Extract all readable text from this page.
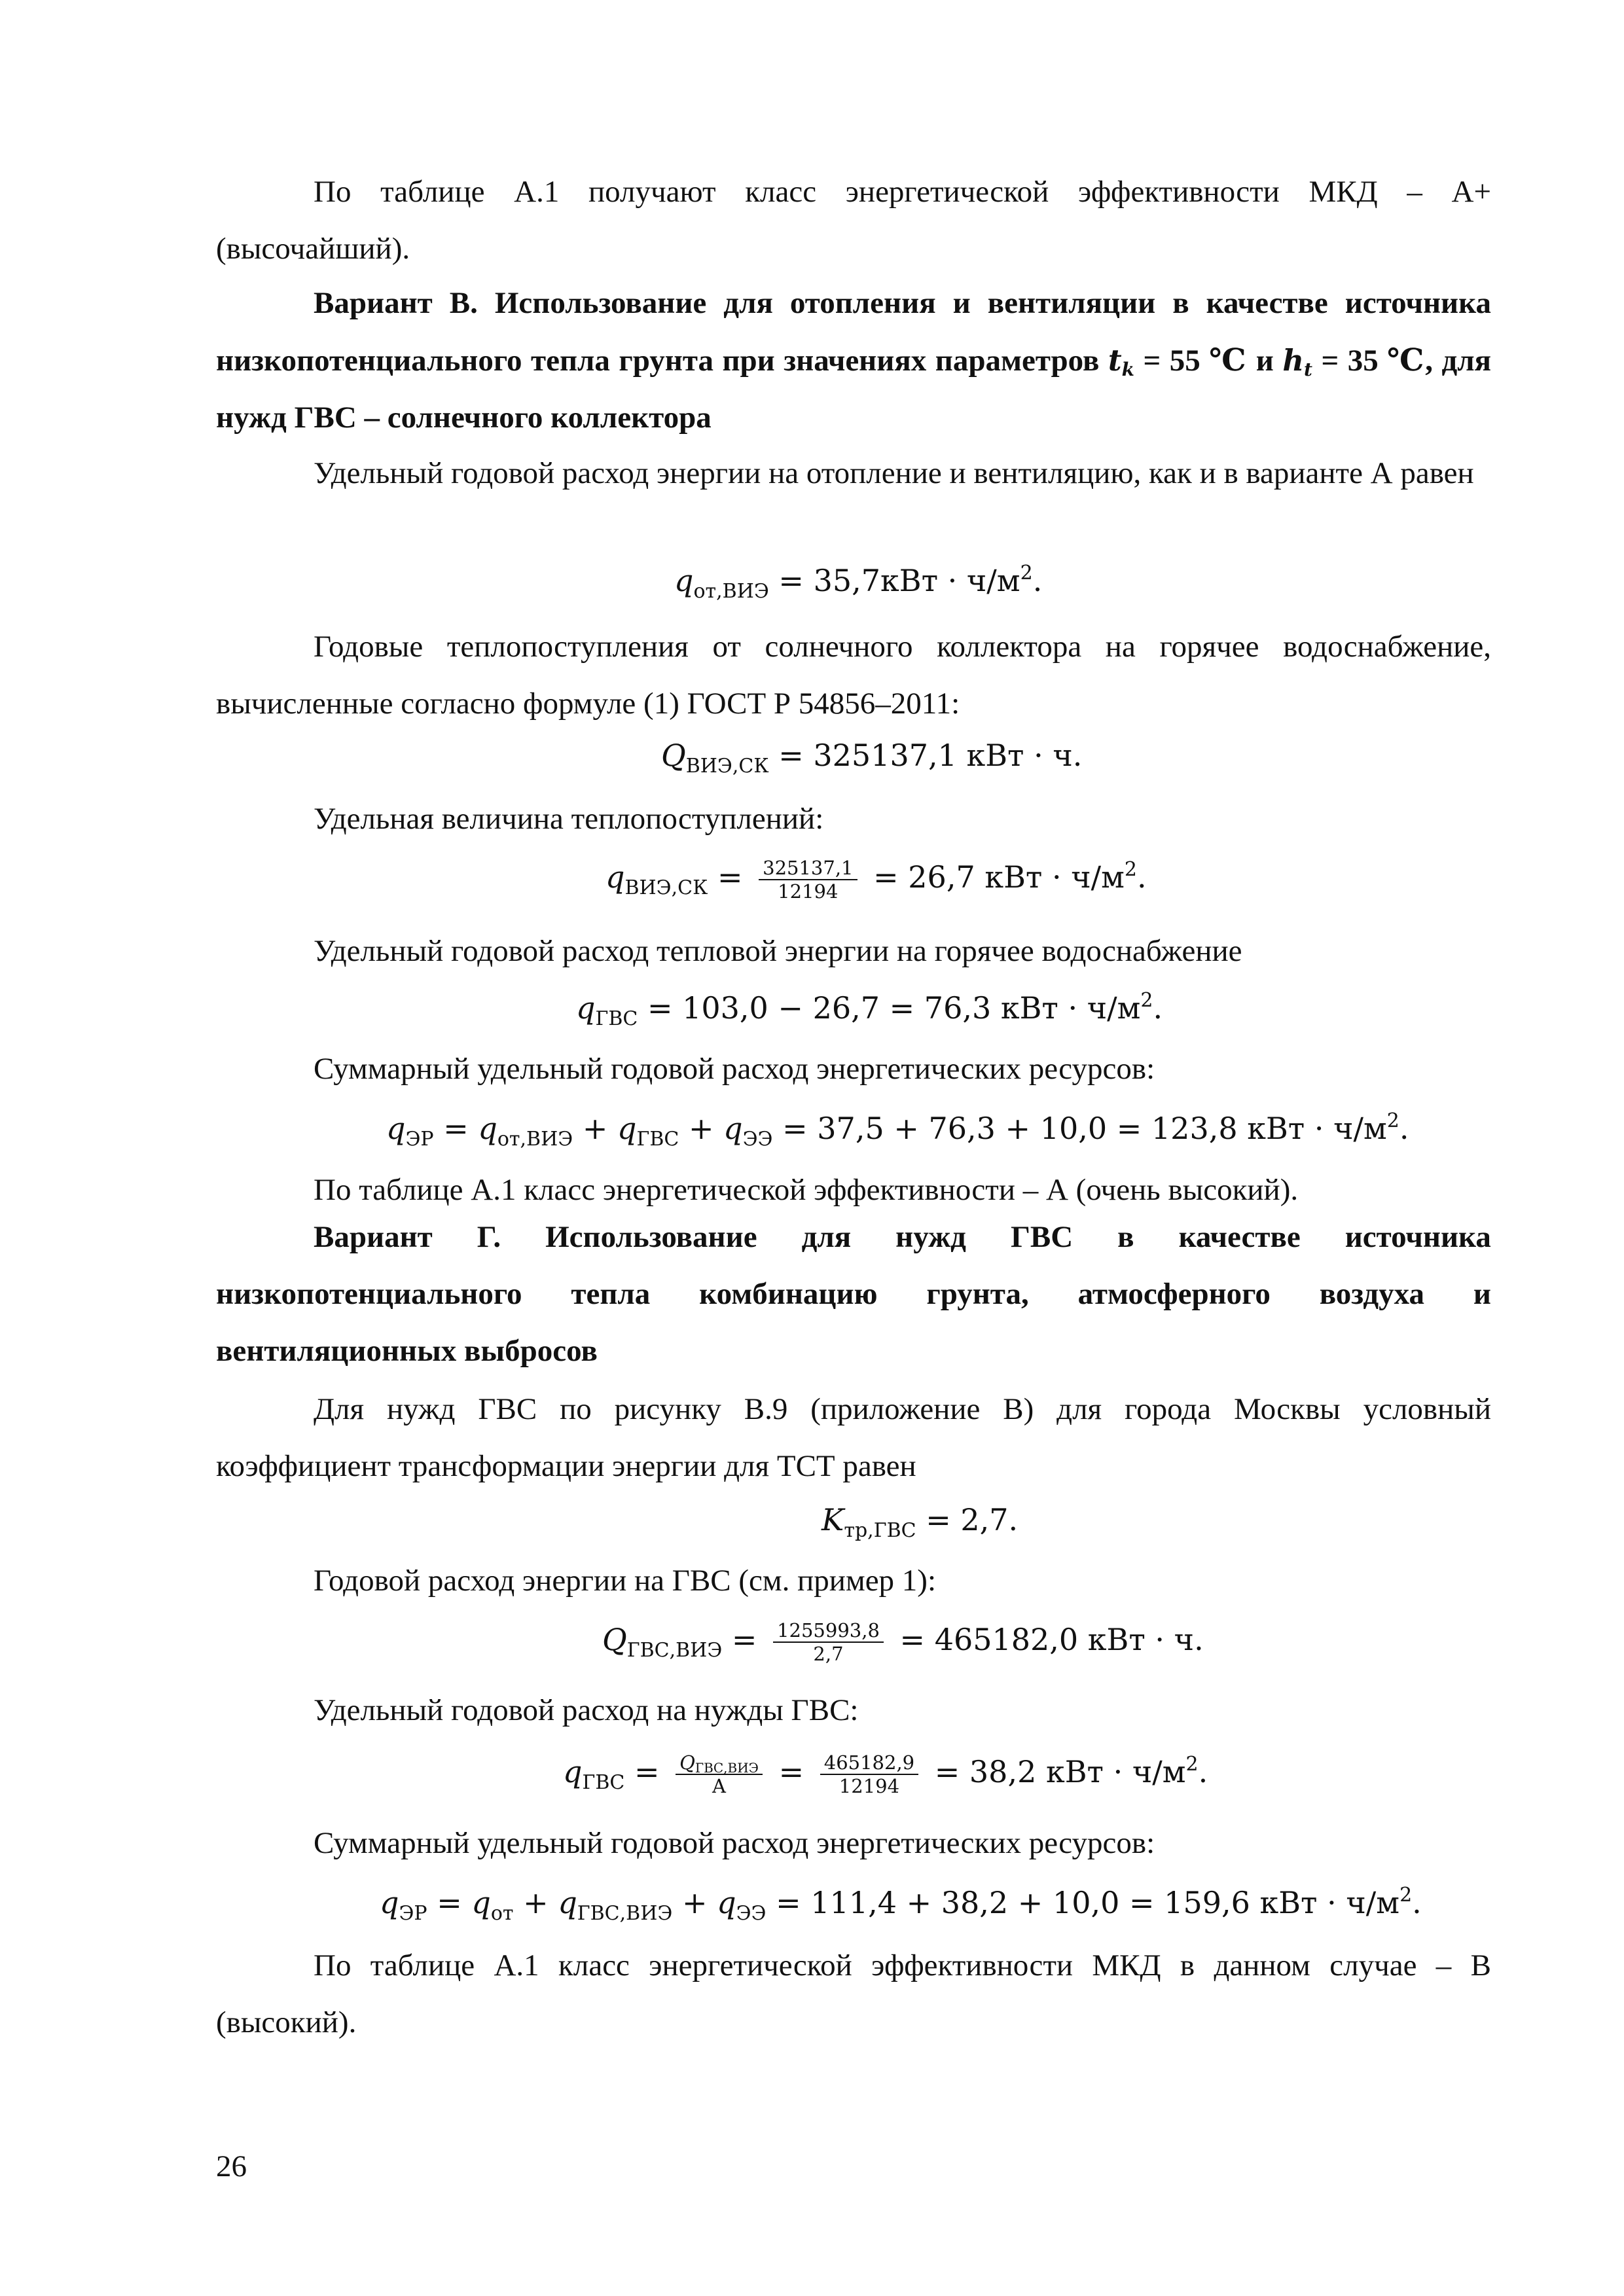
По таблице А.1 получают класс энергетической эффективности МКД – А+ (высочайший).

Вариант В. Использование для отопления и вентиляции в качестве источника низкопотенциального тепла грунта при значениях параметров $t_k = 55$ ℃ и $h_t = 35$ ℃, для нужд ГВС – солнечного коллектора

Удельный годовой расход энергии на отопление и вентиляцию, как и в варианте А равен

$q_{от,ВИЭ} = 35,7кВт \cdot ч/м^2$.

Годовые теплопоступления от солнечного коллектора на горячее водоснабжение, вычисленные согласно формуле (1) ГОСТ Р 54856–2011:

$Q_{ВИЭ,СК} = 325137,1$ кВт · ч.

Удельная величина теплопоступлений:

$q_{ВИЭ,СК} = \frac{325137,1}{12194} = 26,7$ кВт · $ч/м^2$.

Удельный годовой расход тепловой энергии на горячее водоснабжение

$q_{ГВС} = 103,0 - 26,7 = 76,3$ кВт · $ч/м^2$.

Суммарный удельный годовой расход энергетических ресурсов:

$q_{ЭР} = q_{от,ВИЭ} + q_{ГВС} + q_{ЭЭ} = 37,5 + 76,3 + 10,0 = 123,8$ кВт · $ч/м^2$.

По таблице А.1 класс энергетической эффективности – А (очень высокий).

Вариант Г. Использование для нужд ГВС в качестве источника
низкопотенциального тепла комбинацию грунта, атмосферного воздуха и
вентиляционных выбросов

Для нужд ГВС по рисунку В.9 (приложение В) для города Москвы условный коэффициент трансформации энергии для ТСТ равен

$K_{тр,ГВС} = 2,7$.

Годовой расход энергии на ГВС (см. пример 1):

$Q_{ГВС,ВИЭ} = \frac{1255993,8}{2,7} = 465182,0$ кВт · ч.

Удельный годовой расход на нужды ГВС:

$q_{ГВС} = \frac{Q_{ГВС,ВИЭ}}{А} = \frac{465182,9}{12194} = 38,2$ кВт · $ч/м^2$.

Суммарный удельный годовой расход энергетических ресурсов:

$q_{ЭР} = q_{от} + q_{ГВС,ВИЭ} + q_{ЭЭ} = 111,4 + 38,2 + 10,0 = 159,6$ кВт · $ч/м^2$.

По таблице А.1 класс энергетической эффективности МКД в данном случае – В (высокий).

26
